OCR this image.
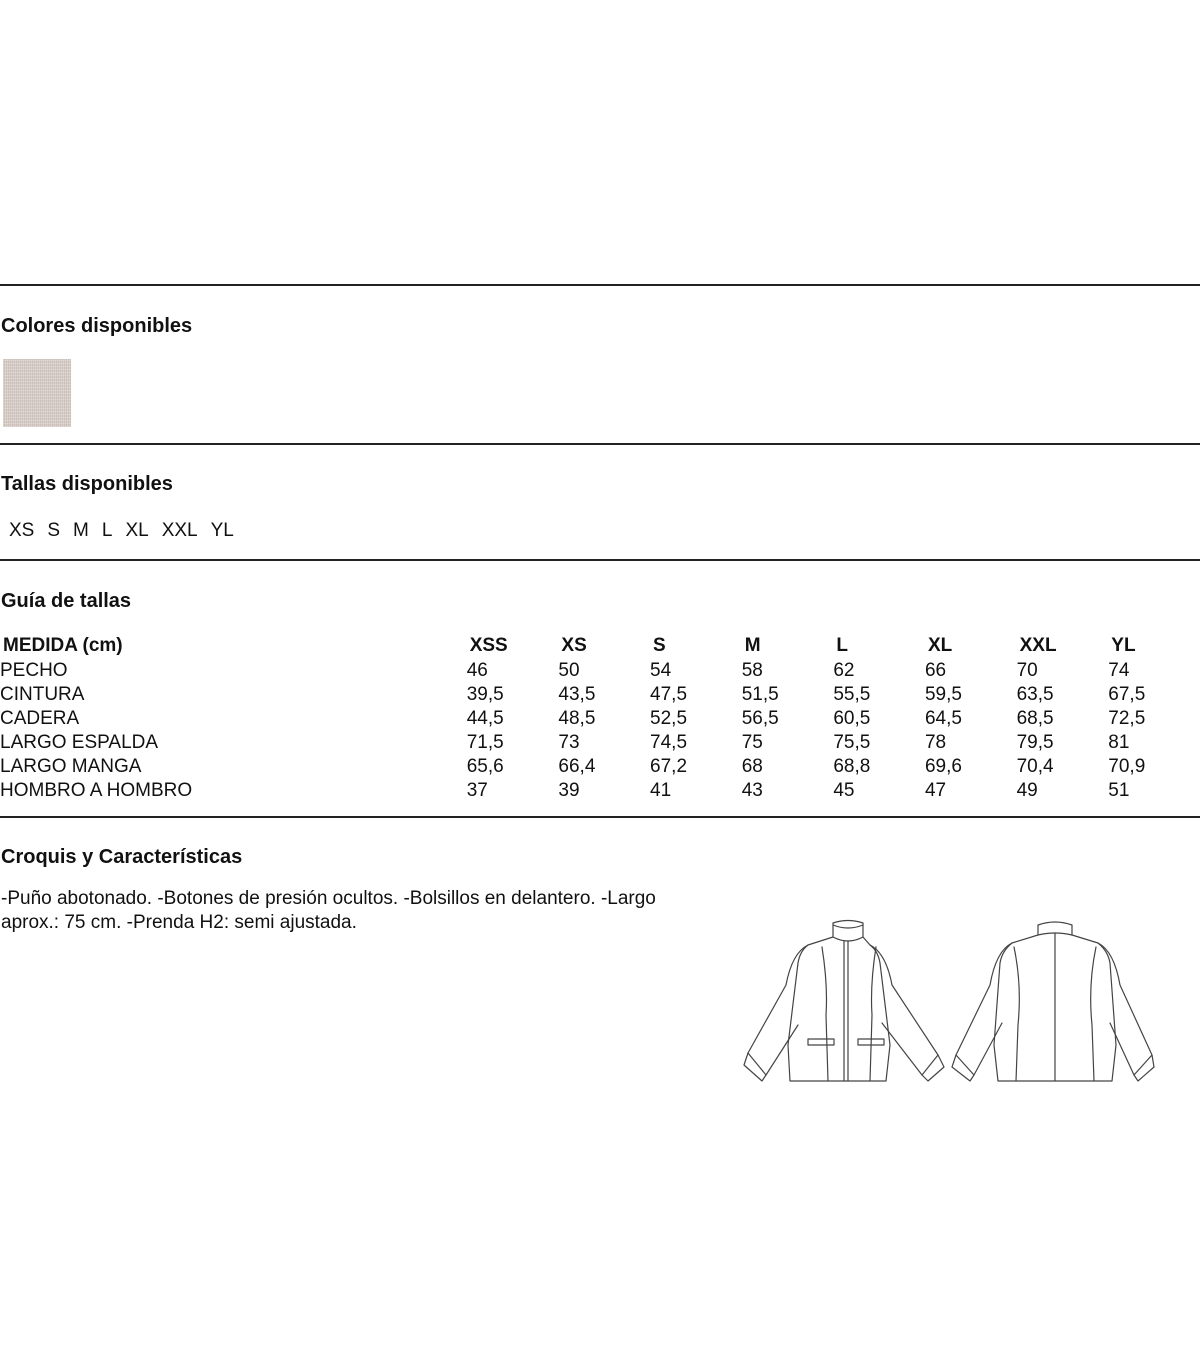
Colores disponibles
Tallas disponibles
XS S M L XL XXL YL
Guía de tallas
MEDIDA (cm)	XSS	XS	S	M	L	XL	XXL	YL
PECHO	46	50	54	58	62	66	70	74
CINTURA	39,5	43,5	47,5	51,5	55,5	59,5	63,5	67,5
CADERA	44,5	48,5	52,5	56,5	60,5	64,5	68,5	72,5
LARGO ESPALDA	71,5	73	74,5	75	75,5	78	79,5	81
LARGO MANGA	65,6	66,4	67,2	68	68,8	69,6	70,4	70,9
HOMBRO A HOMBRO	37	39	41	43	45	47	49	51
Croquis y Características

-Puño abotonado. -Botones de presión ocultos. -Bolsillos en delantero. -Largo aprox.: 75 cm. -Prenda H2: semi ajustada.
